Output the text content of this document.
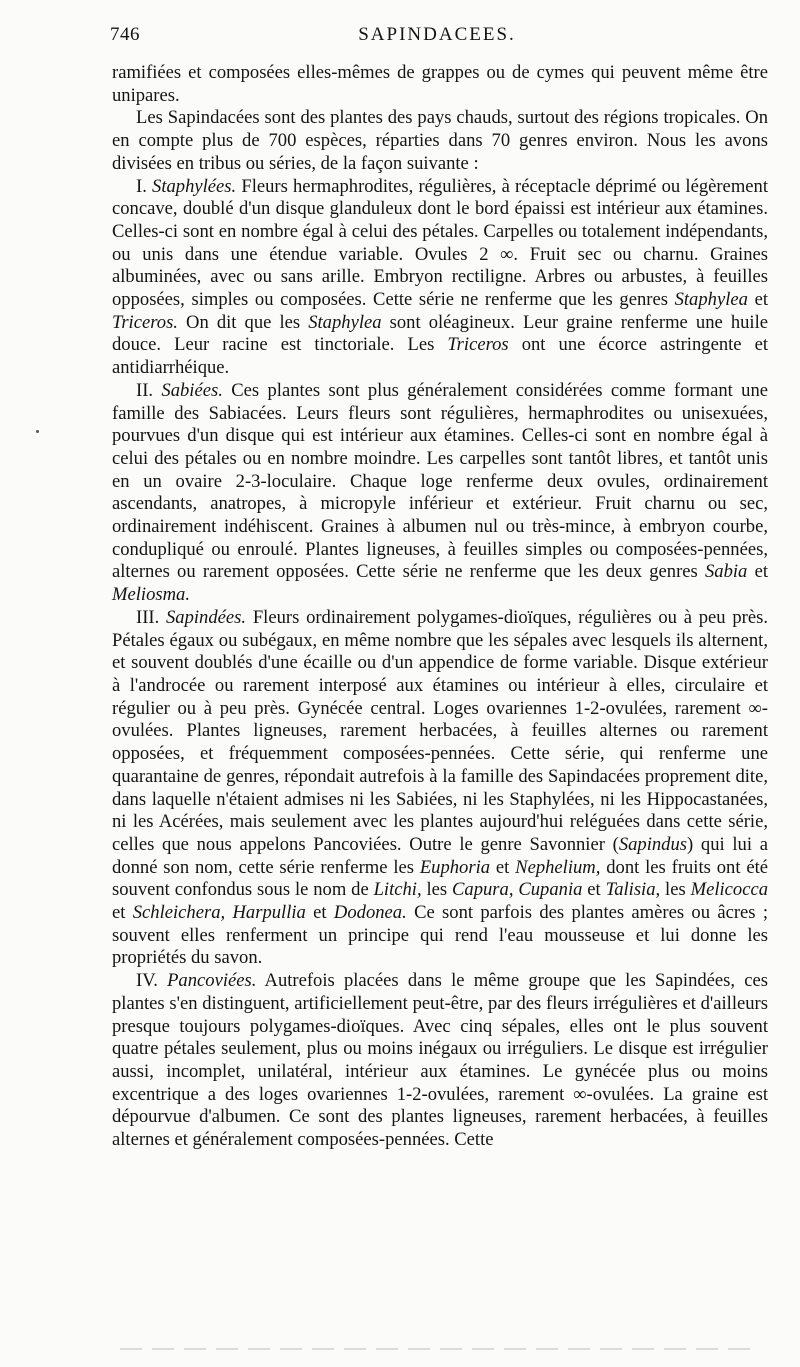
746	SAPINDACEES.

ramifiées et composées elles-mêmes de grappes ou de cymes qui peuvent même être unipares.

Les Sapindacées sont des plantes des pays chauds, surtout des régions tropicales. On en compte plus de 700 espèces, réparties dans 70 genres environ. Nous les avons divisées en tribus ou séries, de la façon suivante :

I. Staphylées. Fleurs hermaphrodites, régulières, à réceptacle déprimé ou légèrement concave, doublé d'un disque glanduleux dont le bord épaissi est intérieur aux étamines. Celles-ci sont en nombre égal à celui des pétales. Carpelles ou totalement indépendants, ou unis dans une étendue variable. Ovules 2 ∞. Fruit sec ou charnu. Graines albuminées, avec ou sans arille. Embryon rectiligne. Arbres ou arbustes, à feuilles opposées, simples ou composées. Cette série ne renferme que les genres Staphylea et Triceros. On dit que les Staphylea sont oléagineux. Leur graine renferme une huile douce. Leur racine est tinctoriale. Les Triceros ont une écorce astringente et antidiarrhéique.

II. Sabiées. Ces plantes sont plus généralement considérées comme formant une famille des Sabiacées. Leurs fleurs sont régulières, hermaphrodites ou unisexuées, pourvues d'un disque qui est intérieur aux étamines. Celles-ci sont en nombre égal à celui des pétales ou en nombre moindre. Les carpelles sont tantôt libres, et tantôt unis en un ovaire 2-3-loculaire. Chaque loge renferme deux ovules, ordinairement ascendants, anatropes, à micropyle inférieur et extérieur. Fruit charnu ou sec, ordinairement indéhiscent. Graines à albumen nul ou très-mince, à embryon courbe, condupliqué ou enroulé. Plantes ligneuses, à feuilles simples ou composées-pennées, alternes ou rarement opposées. Cette série ne renferme que les deux genres Sabia et Meliosma.

III. Sapindées. Fleurs ordinairement polygames-dioïques, régulières ou à peu près. Pétales égaux ou subégaux, en même nombre que les sépales avec lesquels ils alternent, et souvent doublés d'une écaille ou d'un appendice de forme variable. Disque extérieur à l'androcée ou rarement interposé aux étamines ou intérieur à elles, circulaire et régulier ou à peu près. Gynécée central. Loges ovariennes 1-2-ovulées, rarement ∞-ovulées. Plantes ligneuses, rarement herbacées, à feuilles alternes ou rarement opposées, et fréquemment composées-pennées. Cette série, qui renferme une quarantaine de genres, répondait autrefois à la famille des Sapindacées proprement dite, dans laquelle n'étaient admises ni les Sabiées, ni les Staphylées, ni les Hippocastanées, ni les Acérées, mais seulement avec les plantes aujourd'hui reléguées dans cette série, celles que nous appelons Pancoviées. Outre le genre Savonnier (Sapindus) qui lui a donné son nom, cette série renferme les Euphoria et Nephelium, dont les fruits ont été souvent confondus sous le nom de Litchi, les Capura, Cupania et Talisia, les Melicocca et Schleichera, Harpullia et Dodonea. Ce sont parfois des plantes amères ou âcres ; souvent elles renferment un principe qui rend l'eau mousseuse et lui donne les propriétés du savon.

IV. Pancoviées. Autrefois placées dans le même groupe que les Sapindées, ces plantes s'en distinguent, artificiellement peut-être, par des fleurs irrégulières et d'ailleurs presque toujours polygames-dioïques. Avec cinq sépales, elles ont le plus souvent quatre pétales seulement, plus ou moins inégaux ou irréguliers. Le disque est irrégulier aussi, incomplet, unilatéral, intérieur aux étamines. Le gynécée plus ou moins excentrique a des loges ovariennes 1-2-ovulées, rarement ∞-ovulées. La graine est dépourvue d'albumen. Ce sont des plantes ligneuses, rarement herbacées, à feuilles alternes et généralement composées-pennées. Cette
